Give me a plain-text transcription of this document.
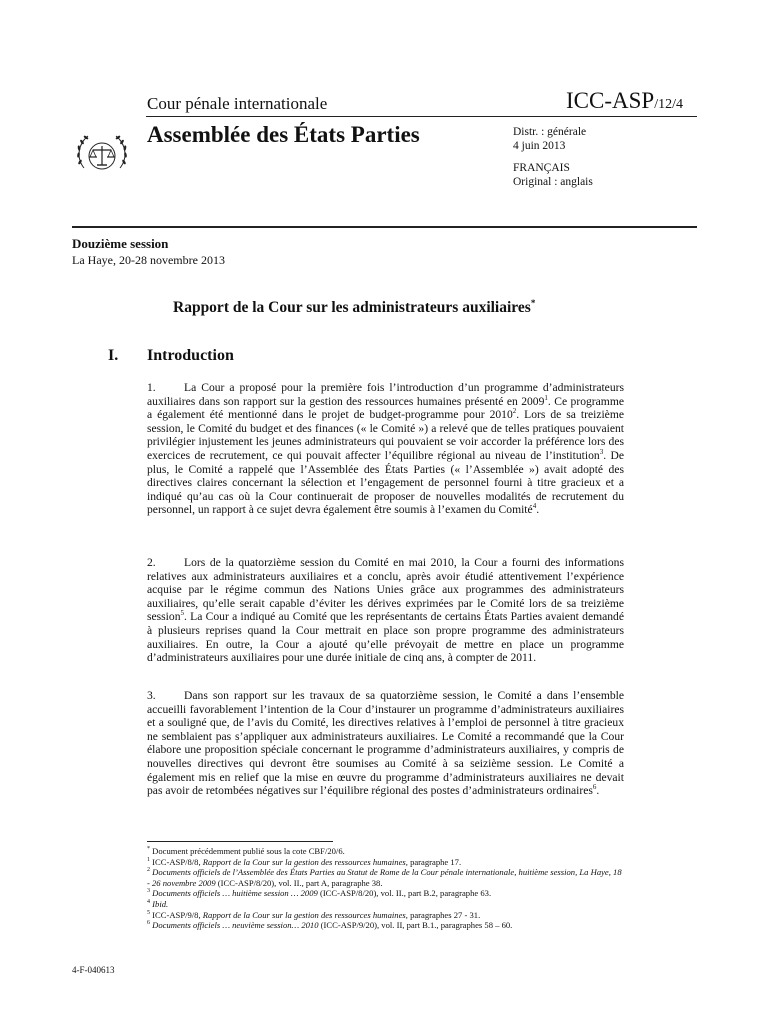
Cour pénale internationale	ICC-ASP/12/4
Assemblée des États Parties	Distr. : générale
4 juin 2013
FRANÇAIS
Original : anglais
Douzième session
La Haye, 20-28 novembre 2013
Rapport de la Cour sur les administrateurs auxiliaires*
I. Introduction
1. La Cour a proposé pour la première fois l’introduction d’un programme d’administrateurs auxiliaires dans son rapport sur la gestion des ressources humaines présenté en 2009$^1$. Ce programme a également été mentionné dans le projet de budget-programme pour 2010$^2$. Lors de sa treizième session, le Comité du budget et des finances (« le Comité ») a relevé que de telles pratiques pouvaient privilégier injustement les jeunes administrateurs qui pouvaient se voir accorder la préférence lors des exercices de recrutement, ce qui pouvait affecter l’équilibre régional au niveau de l’institution$^3$. De plus, le Comité a rappelé que l’Assemblée des États Parties (« l’Assemblée ») avait adopté des directives claires concernant la sélection et l’engagement de personnel fourni à titre gracieux et a indiqué qu’au cas où la Cour continuerait de proposer de nouvelles modalités de recrutement du personnel, un rapport à ce sujet devra également être soumis à l’examen du Comité$^4$.
2. Lors de la quatorzième session du Comité en mai 2010, la Cour a fourni des informations relatives aux administrateurs auxiliaires et a conclu, après avoir étudié attentivement l’expérience acquise par le régime commun des Nations Unies grâce aux programmes des administrateurs auxiliaires, qu’elle serait capable d’éviter les dérives exprimées par le Comité lors de sa treizième session$^5$. La Cour a indiqué au Comité que les représentants de certains États Parties avaient demandé à plusieurs reprises quand la Cour mettrait en place son propre programme des administrateurs auxiliaires. En outre, la Cour a ajouté qu’elle prévoyait de mettre en place un programme d’administrateurs auxiliaires pour une durée initiale de cinq ans, à compter de 2011.
3. Dans son rapport sur les travaux de sa quatorzième session, le Comité a dans l’ensemble accueilli favorablement l’intention de la Cour d’instaurer un programme d’administrateurs auxiliaires et a souligné que, de l’avis du Comité, les directives relatives à l’emploi de personnel à titre gracieux ne semblaient pas s’appliquer aux administrateurs auxiliaires. Le Comité a recommandé que la Cour élabore une proposition spéciale concernant le programme d’administrateurs auxiliaires, y compris de nouvelles directives qui devront être soumises au Comité à sa seizième session. Le Comité a également mis en relief que la mise en œuvre du programme d’administrateurs auxiliaires ne devait pas avoir de retombées négatives sur l’équilibre régional des postes d’administrateurs ordinaires$^6$.
* Document précédemment publié sous la cote CBF/20/6.
$^1$ ICC-ASP/8/8, Rapport de la Cour sur la gestion des ressources humaines, paragraphe 17.
$^2$ Documents officiels de l’Assemblée des États Parties au Statut de Rome de la Cour pénale internationale, huitième session, La Haye, 18 - 26 novembre 2009 (ICC-ASP/8/20), vol. II., part A, paragraphe 38.
$^3$ Documents officiels … huitième session … 2009 (ICC-ASP/8/20), vol. II., part B.2, paragraphe 63.
$^4$ Ibid.
$^5$ ICC-ASP/9/8, Rapport de la Cour sur la gestion des ressources humaines, paragraphes 27 - 31.
$^6$ Documents officiels … neuvième session… 2010 (ICC-ASP/9/20), vol. II, part B.1., paragraphes 58 – 60.
4-F-040613
